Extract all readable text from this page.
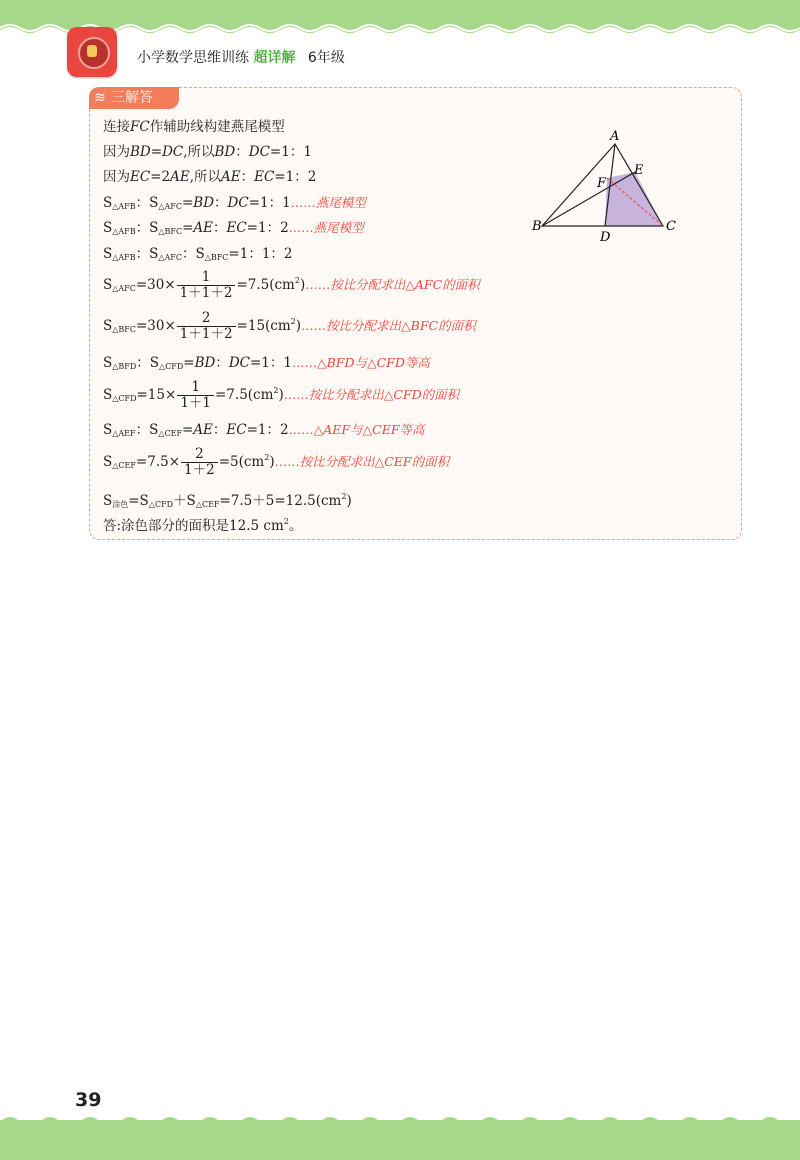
小学数学思维训练 超详解 6年级
≋ 三解答
连接FC作辅助线构建燕尾模型
因为BD=DC,所以BD：DC=1：1
因为EC=2AE,所以AE：EC=1：2
$S_{\triangle AFB}$：$S_{\triangle AFC}=BD$：DC=1：1……燕尾模型
$S_{\triangle AFB}$：$S_{\triangle BFC}=AE$：EC=1：2……燕尾模型
$S_{\triangle AFB}$：$S_{\triangle AFC}$：$S_{\triangle BFC}=1$：1：2
$S_{\triangle AFC}=30\times \frac{1}{1+1+2}$ $=7.5(cm^2)\dots\dots$按比分配求出△AFC的面积
$S_{\triangle BFC}=30\times \frac{2}{1+1+2}$ $=15(cm^2)\dots\dots$按比分配求出△BFC的面积
$S_{\triangle BFD}$：$S_{\triangle CFD}=BD$：DC=1：1……△BFD与△CFD等高
$S_{\triangle CFD}=15\times \frac{1}{1+1}$ $=7.5(cm^2)\dots\dots$按比分配求出△CFD的面积
$S_{\triangle AEF}$：$S_{\triangle CEF}=AE$：EC=1：2……△AEF与△CEF等高
$S_{\triangle CEF}=7.5\times \frac{2}{1+2}$ $=5(cm^2)\dots\dots$按比分配求出△CEF的面积
$S_{涂色}=S_{\triangle CFD}+S_{\triangle CEF}=7.5+5=12.5(cm^2)$
答:涂色部分的面积是12.5 $cm^2$。
A
B	C
D
E
F
39
